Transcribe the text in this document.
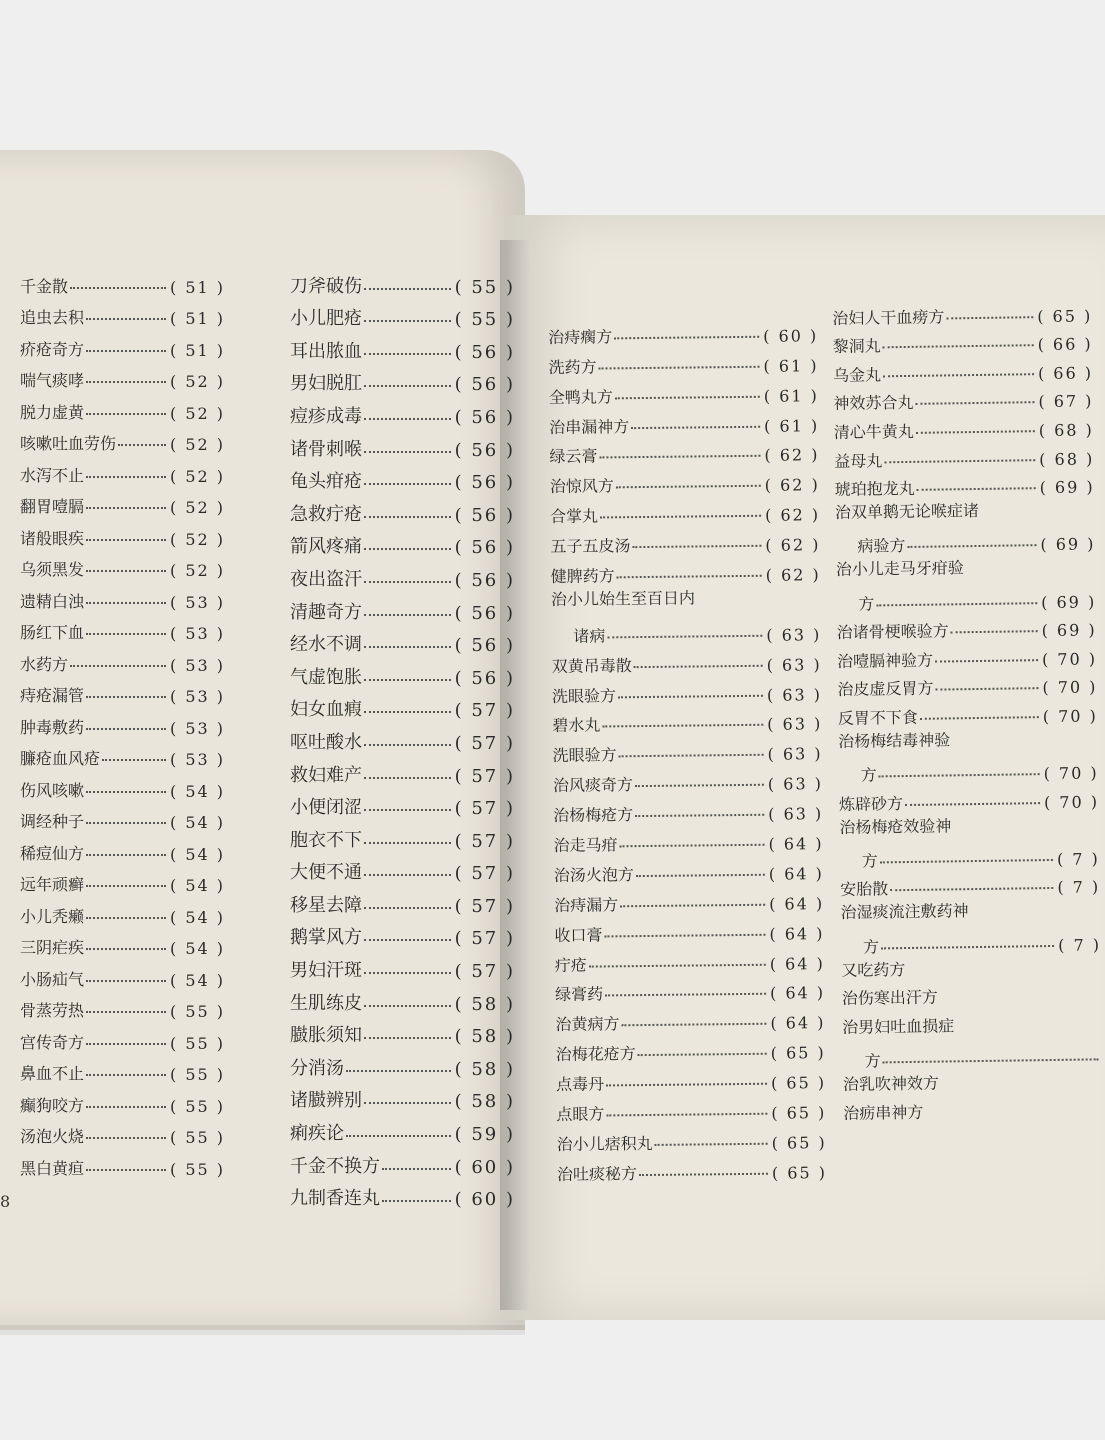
千金散	( 51 )
追虫去积	( 51 )
疥疮奇方	( 51 )
喘气痰哮	( 52 )
脱力虚黄	( 52 )
咳嗽吐血劳伤	( 52 )
水泻不止	( 52 )
翻胃噎膈	( 52 )
诸般眼疾	( 52 )
乌须黑发	( 52 )
遗精白浊	( 53 )
肠红下血	( 53 )
水药方	( 53 )
痔疮漏管	( 53 )
肿毒敷药	( 53 )
臁疮血风疮	( 53 )
伤风咳嗽	( 54 )
调经种子	( 54 )
稀痘仙方	( 54 )
远年顽癣	( 54 )
小儿秃癞	( 54 )
三阴疟疾	( 54 )
小肠疝气	( 54 )
骨蒸劳热	( 55 )
宫传奇方	( 55 )
鼻血不止	( 55 )
癫狗咬方	( 55 )
汤泡火烧	( 55 )
黑白黄疸	( 55 )
刀斧破伤	( 55 )
小儿肥疮	( 55 )
耳出脓血	( 56 )
男妇脱肛	( 56 )
痘疹成毒	( 56 )
诸骨刺喉	( 56 )
龟头疳疮	( 56 )
急救疔疮	( 56 )
箭风疼痛	( 56 )
夜出盗汗	( 56 )
清趣奇方	( 56 )
经水不调	( 56 )
气虚饱胀	( 56 )
妇女血瘕	( 57 )
呕吐酸水	( 57 )
救妇难产	( 57 )
小便闭涩	( 57 )
胞衣不下	( 57 )
大便不通	( 57 )
移星去障	( 57 )
鹅掌风方	( 57 )
男妇汗斑	( 57 )
生肌练皮	( 58 )
臌胀须知	( 58 )
分消汤	( 58 )
诸臌辨别	( 58 )
痢疾论	( 59 )
千金不换方	( 60 )
九制香连丸	( 60 )
治痔瘸方	( 60 )
洗药方	( 61 )
全鸭丸方	( 61 )
治串漏神方	( 61 )
绿云膏	( 62 )
治惊风方	( 62 )
合掌丸	( 62 )
五子五皮汤	( 62 )
健脾药方	( 62 )
治小儿始生至百日内
诸病	( 63 )
双黄吊毒散	( 63 )
洗眼验方	( 63 )
碧水丸	( 63 )
洗眼验方	( 63 )
治风痰奇方	( 63 )
治杨梅疮方	( 63 )
治走马疳	( 64 )
治汤火泡方	( 64 )
治痔漏方	( 64 )
收口膏	( 64 )
疔疮	( 64 )
绿膏药	( 64 )
治黄病方	( 64 )
治梅花疮方	( 65 )
点毒丹	( 65 )
点眼方	( 65 )
治小儿痞积丸	( 65 )
治吐痰秘方	( 65 )
治妇人干血痨方	( 65 )
黎洞丸	( 66 )
乌金丸	( 66 )
神效苏合丸	( 67 )
清心牛黄丸	( 68 )
益母丸	( 68 )
琥珀抱龙丸	( 69 )
治双单鹅无论喉症诸
病验方	( 69 )
治小儿走马牙疳验
方	( 69 )
治诸骨梗喉验方	( 69 )
治噎膈神验方	( 70 )
治皮虚反胃方	( 70 )
反胃不下食	( 70 )
治杨梅结毒神验
方	( 70 )
炼辟砂方	( 70 )
治杨梅疮效验神
方	( 7 )
安胎散	( 7 )
治湿痰流注敷药神
方	( 7 )
又吃药方
治伤寒出汗方
治男妇吐血损症
方
治乳吹神效方
治疬串神方
8
